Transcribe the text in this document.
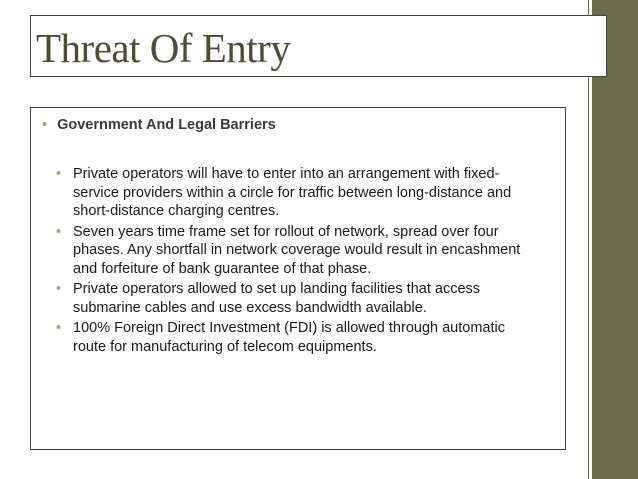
Threat Of Entry
• Government And Legal Barriers
• Private operators will have to enter into an arrangement with fixed-service providers within a circle for traffic between long-distance and short-distance charging centres.
• Seven years time frame set for rollout of network, spread over four phases. Any shortfall in network coverage would result in encashment and forfeiture of bank guarantee of that phase.
• Private operators allowed to set up landing facilities that access submarine cables and use excess bandwidth available.
• 100% Foreign Direct Investment (FDI) is allowed through automatic route for manufacturing of telecom equipments.
